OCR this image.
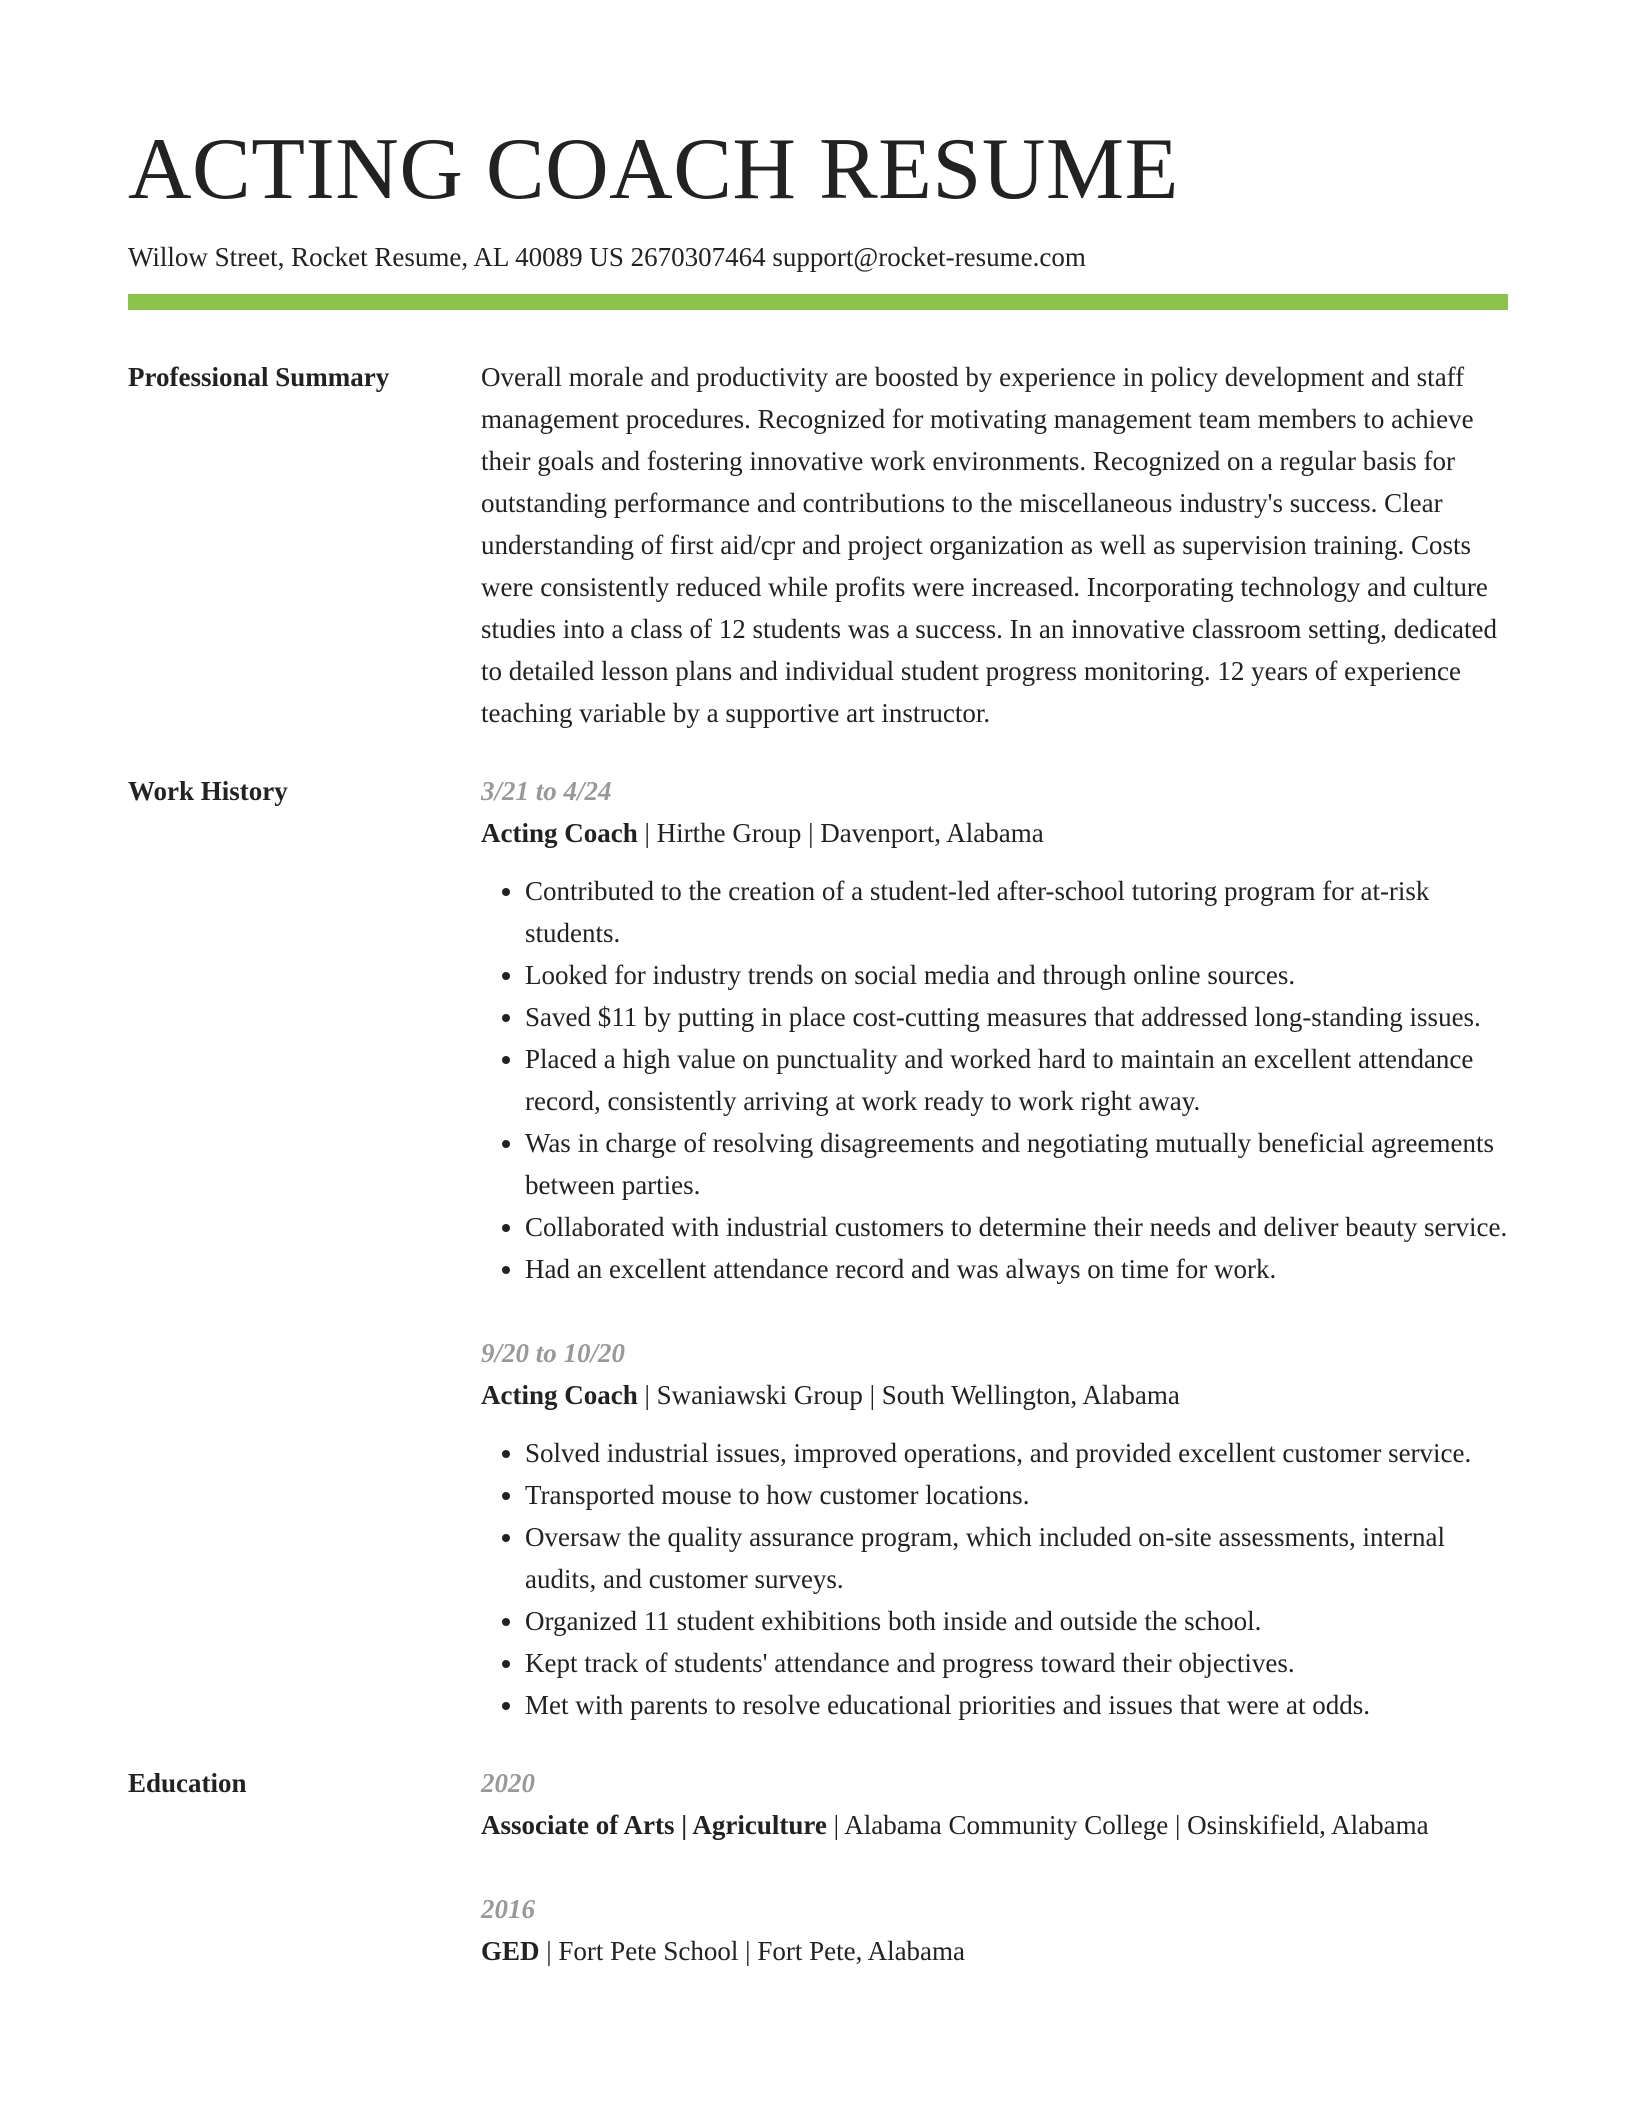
ACTING COACH RESUME
Willow Street, Rocket Resume, AL 40089 US 2670307464 support@rocket-resume.com
Professional Summary	Overall morale and productivity are boosted by experience in policy development and staff management procedures. Recognized for motivating management team members to achieve their goals and fostering innovative work environments. Recognized on a regular basis for outstanding performance and contributions to the miscellaneous industry's success. Clear understanding of first aid/cpr and project organization as well as supervision training. Costs were consistently reduced while profits were increased. Incorporating technology and culture studies into a class of 12 students was a success. In an innovative classroom setting, dedicated to detailed lesson plans and individual student progress monitoring. 12 years of experience teaching variable by a supportive art instructor.

Work History	3/21 to 4/24
Acting Coach | Hirthe Group | Davenport, Alabama
• Contributed to the creation of a student-led after-school tutoring program for at-risk students.
• Looked for industry trends on social media and through online sources.
• Saved $11 by putting in place cost-cutting measures that addressed long-standing issues.
• Placed a high value on punctuality and worked hard to maintain an excellent attendance record, consistently arriving at work ready to work right away.
• Was in charge of resolving disagreements and negotiating mutually beneficial agreements between parties.
• Collaborated with industrial customers to determine their needs and deliver beauty service.
• Had an excellent attendance record and was always on time for work.
9/20 to 10/20
Acting Coach | Swaniawski Group | South Wellington, Alabama
• Solved industrial issues, improved operations, and provided excellent customer service.
• Transported mouse to how customer locations.
• Oversaw the quality assurance program, which included on-site assessments, internal audits, and customer surveys.
• Organized 11 student exhibitions both inside and outside the school.
• Kept track of students' attendance and progress toward their objectives.
• Met with parents to resolve educational priorities and issues that were at odds.
Education	2020
Associate of Arts | Agriculture | Alabama Community College | Osinskifield, Alabama
2016
GED | Fort Pete School | Fort Pete, Alabama
